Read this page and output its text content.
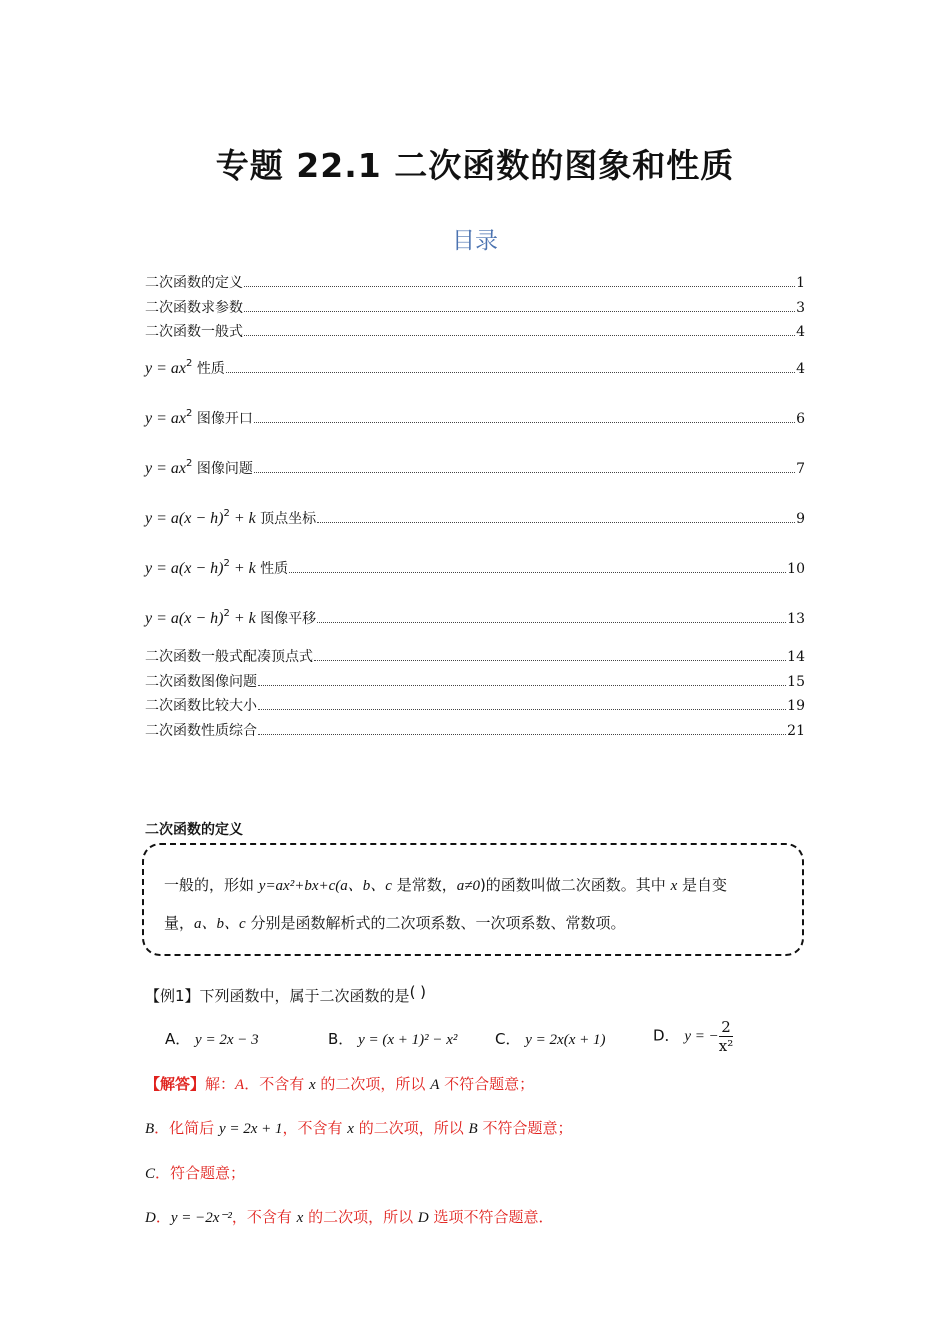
专题 22.1 二次函数的图象和性质
目录
二次函数的定义	1
二次函数求参数	3
二次函数一般式	4
$y = ax^2$ 性质	4
$y = ax^2$ 图像开口	6
$y = ax^2$ 图像问题	7
$y = a(x - h)^2 + k$ 顶点坐标	9
$y = a(x - h)^2 + k$ 性质	10
$y = a(x - h)^2 + k$ 图像平移	13
二次函数一般式配凑顶点式	14
二次函数图像问题	15
二次函数比较大小	19
二次函数性质综合	21
二次函数的定义
一般的，形如 y=ax²+bx+c(a、b、c 是常数，a≠0)的函数叫做二次函数。其中 x 是自变
量，a、b、c 分别是函数解析式的二次项系数、一次项系数、常数项。
【例1】下列函数中，属于二次函数的是( )
A． y = 2x − 3	B． y = (x + 1)² − x²	C． y = 2x(x + 1)	D． y = − $\frac{2}{\text{x²}}$
【解答】解：A．不含有 x 的二次项，所以 A 不符合题意；
B．化简后 y = 2x + 1，不含有 x 的二次项，所以 B 不符合题意；
C．符合题意；
D．y = −2x⁻²，不含有 x 的二次项，所以 D 选项不符合题意．
